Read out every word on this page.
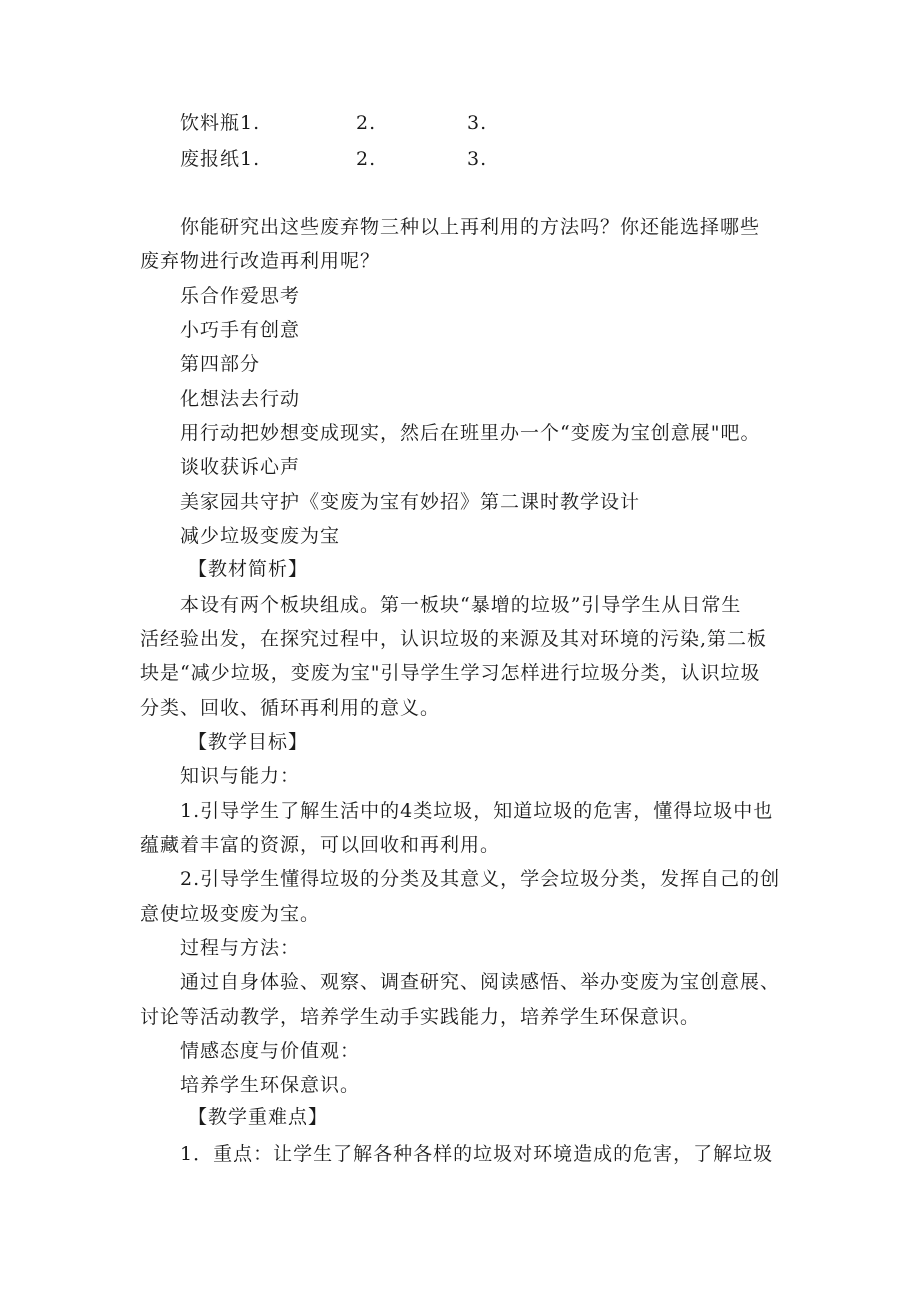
饮料瓶1.	2.	3.
废报纸1.	2.	3.
你能研究出这些废弃物三种以上再利用的方法吗？你还能选择哪些
废弃物进行改造再利用呢？
乐合作爱思考
小巧手有创意
第四部分
化想法去行动
用行动把妙想变成现实，然后在班里办一个“变废为宝创意展"吧。
谈收获诉心声
美家园共守护《变废为宝有妙招》第二课时教学设计
减少垃圾变废为宝
【教材简析】
本设有两个板块组成。第一板块“暴增的垃圾”引导学生从日常生
活经验出发，在探究过程中，认识垃圾的来源及其对环境的污染,第二板
块是“减少垃圾，变废为宝"引导学生学习怎样进行垃圾分类，认识垃圾
分类、回收、循环再利用的意义。
【教学目标】
知识与能力：
1.引导学生了解生活中的4类垃圾，知道垃圾的危害，懂得垃圾中也
蕴藏着丰富的资源，可以回收和再利用。
2.引导学生懂得垃圾的分类及其意义，学会垃圾分类，发挥自己的创
意使垃圾变废为宝。
过程与方法：
通过自身体验、观察、调查研究、阅读感悟、举办变废为宝创意展、
讨论等活动教学，培养学生动手实践能力，培养学生环保意识。
情感态度与价值观：
培养学生环保意识。
【教学重难点】
1．重点：让学生了解各种各样的垃圾对环境造成的危害，了解垃圾
